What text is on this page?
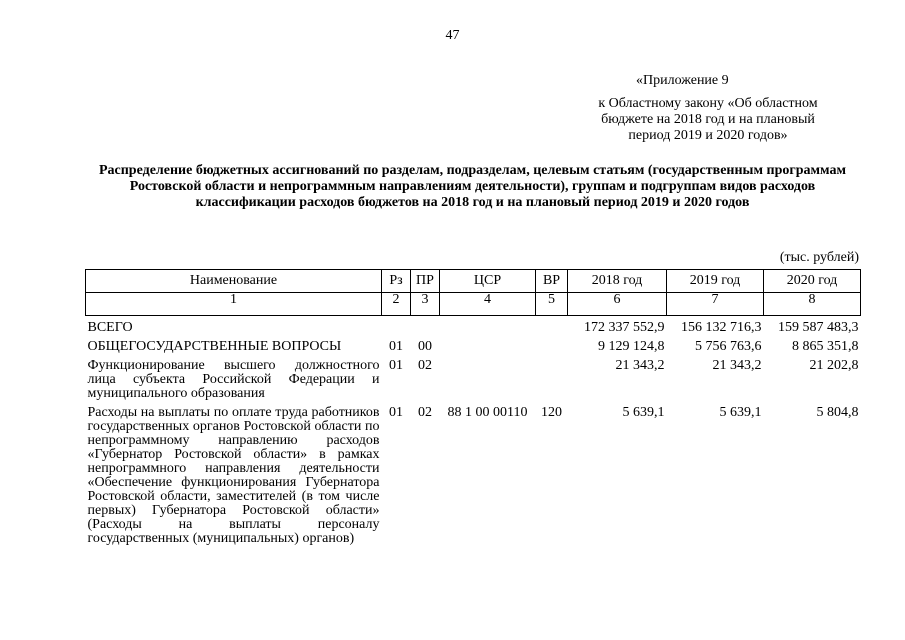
47
«Приложение 9
к Областному закону «Об областном бюджете на 2018 год и на плановый период 2019 и 2020 годов»
Распределение бюджетных ассигнований по разделам, подразделам, целевым статьям (государственным программам Ростовской области и непрограммным направлениям деятельности), группам и подгруппам видов расходов классификации расходов бюджетов на 2018 год и на плановый период 2019 и 2020 годов
(тыс. рублей)
Наименование	Рз	ПР	ЦСР	ВР	2018 год	2019 год	2020 год
1	2	3	4	5	6	7	8
ВСЕГО					172 337 552,9	156 132 716,3	159 587 483,3
ОБЩЕГОСУДАРСТВЕННЫЕ ВОПРОСЫ	01	00			9 129 124,8	5 756 763,6	8 865 351,8
Функционирование высшего должностного лица субъекта Российской Федерации и муниципального образования	01	02			21 343,2	21 343,2	21 202,8
Расходы на выплаты по оплате труда работников государственных органов Ростовской области по непрограммному направлению расходов «Губернатор Ростовской области» в рамках непрограммного направления деятельности «Обеспечение функционирования Губернатора Ростовской области, заместителей (в том числе первых) Губернатора Ростовской области» (Расходы на выплаты персоналу государственных (муниципальных) органов)	01	02	88 1 00 00110	120	5 639,1	5 639,1	5 804,8
